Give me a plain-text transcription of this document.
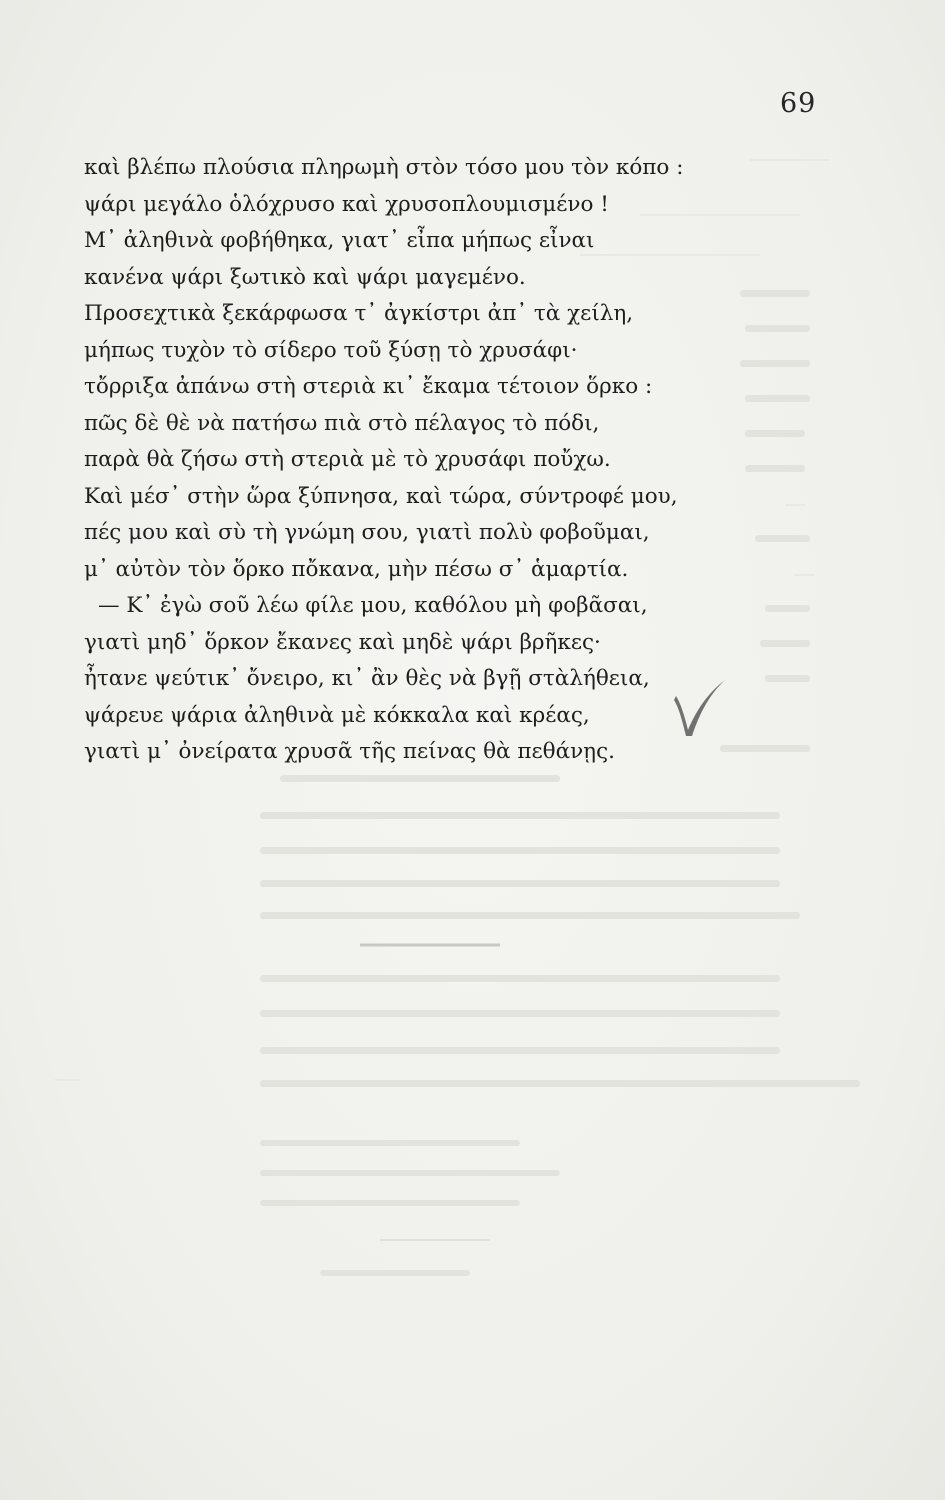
69
καὶ βλέπω πλούσια πληρωμὴ στὸν τόσο μου τὸν κόπο :
ψάρι μεγάλο ὁλόχρυσο καὶ χρυσοπλουμισμένο !
Μ᾽ ἀληθινὰ φοβήθηκα, γιατ᾽ εἶπα μήπως εἶναι
κανένα ψάρι ξωτικὸ καὶ ψάρι μαγεμένο.
Προσεχτικὰ ξεκάρφωσα τ᾽ ἀγκίστρι ἀπ᾽ τὰ χείλη,
μήπως τυχὸν τὸ σίδερο τοῦ ξύσῃ τὸ χρυσάφι·
τὄρριξα ἀπάνω στὴ στεριὰ κι᾽ ἔκαμα τέτοιον ὅρκο :
πῶς δὲ θὲ νὰ πατήσω πιὰ στὸ πέλαγος τὸ πόδι,
παρὰ θὰ ζήσω στὴ στεριὰ μὲ τὸ χρυσάφι ποὔχω.
Καὶ μέσ᾽ στὴν ὥρα ξύπνησα, καὶ τώρα, σύντροφέ μου,
πές μου καὶ σὺ τὴ γνώμη σου, γιατὶ πολὺ φοβοῦμαι,
μ᾽ αὐτὸν τὸν ὅρκο πὄκανα, μὴν πέσω σ᾽ ἁμαρτία.
— Κ᾽ ἐγὼ σοῦ λέω φίλε μου, καθόλου μὴ φοβᾶσαι,
γιατὶ μηδ᾽ ὅρκον ἔκανες καὶ μηδὲ ψάρι βρῆκες·
ἦτανε ψεύτικ᾽ ὄνειρο, κι᾽ ἂν θὲς νὰ βγῇ στὰλήθεια,
ψάρευε ψάρια ἀληθινὰ μὲ κόκκαλα καὶ κρέας,
γιατὶ μ᾽ ὀνείρατα χρυσᾶ τῆς πείνας θὰ πεθάνῃς.
